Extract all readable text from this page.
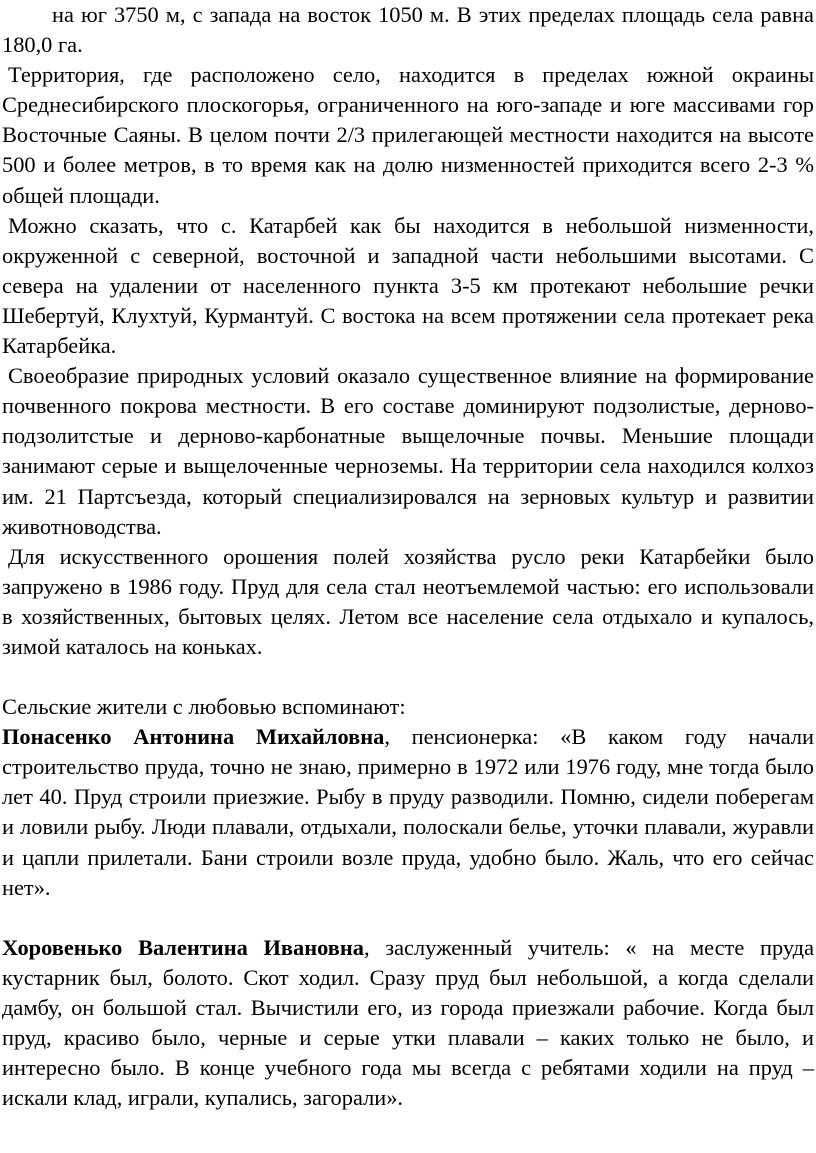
на юг 3750 м, с запада на восток 1050 м. В этих пределах площадь села равна 180,0 га.

Территория, где расположено село, находится в пределах южной окраины Среднесибирского плоскогорья, ограниченного на юго-западе и юге массивами гор Восточные Саяны. В целом почти 2/3 прилегающей местности находится на высоте 500 и более метров, в то время как на долю низменностей приходится всего 2-3 % общей площади.

Можно сказать, что с. Катарбей как бы находится в небольшой низменности, окруженной с северной, восточной и западной части небольшими высотами. С севера на удалении от населенного пункта 3-5 км протекают небольшие речки Шебертуй, Клухтуй, Курмантуй. С востока на всем протяжении села протекает река Катарбейка.

Своеобразие природных условий оказало существенное влияние на формирование почвенного покрова местности. В его составе доминируют подзолистые, дерново-подзолитстые и дерново-карбонатные выщелочные почвы. Меньшие площади занимают серые и выщелоченные черноземы. На территории села находился колхоз им. 21 Партсъезда, который специализировался на зерновых культур и развитии животноводства.

Для искусственного орошения полей хозяйства русло реки Катарбейки было запружено в 1986 году. Пруд для села стал неотъемлемой частью: его использовали в хозяйственных, бытовых целях. Летом все население села отдыхало и купалось, зимой каталось на коньках.

Сельские жители с любовью вспоминают:

Понасенко Антонина Михайловна, пенсионерка: «В каком году начали строительство пруда, точно не знаю, примерно в 1972 или 1976 году, мне тогда было лет 40. Пруд строили приезжие. Рыбу в пруду разводили. Помню, сидели поберегам и ловили рыбу. Люди плавали, отдыхали, полоскали белье, уточки плавали, журавли и цапли прилетали. Бани строили возле пруда, удобно было. Жаль, что его сейчас нет».

Хоровенько Валентина Ивановна, заслуженный учитель: « на месте пруда кустарник был, болото. Скот ходил. Сразу пруд был небольшой, а когда сделали дамбу, он большой стал. Вычистили его, из города приезжали рабочие. Когда был пруд, красиво было, черные и серые утки плавали – каких только не было, и интересно было. В конце учебного года мы всегда с ребятами ходили на пруд – искали клад, играли, купались, загорали».
